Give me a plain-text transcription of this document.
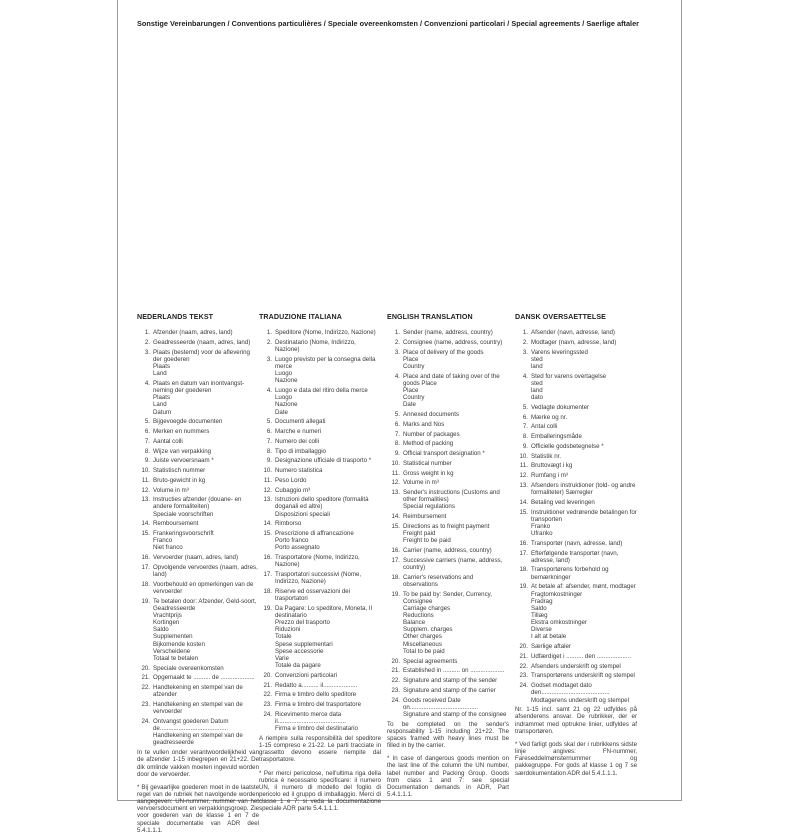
Sonstige Vereinbarungen / Conventions particulières / Speciale overeenkomsten / Convenzioni particolari / Special agreements / Saerlige aftaler
NEDERLANDS TEKST
1. Afzender (naam, adres, land)
2. Geadresseerde (naam, adres, land)
3. Plaats (bestemd) voor de aflevering der goederen
Plaats
Land
4. Plaats en datum van inontvangst-neming der goederen
Plaats
Land
Datum
5. Bijgevoegde documenten
6. Merken en nummers
7. Aantal colli
8. Wijze van verpakking
9. Juiste vervoersnaam *
10. Statistisch nummer
11. Bruto-gewicht in kg
12. Volume in m³
13. Instructies afzender (douane- en andere formaliteiten)
Speciale voorschriften
14. Remboursement
15. Frankeringsvoorschrift
Franco
Niet franco
16. Vervoerder (naam, adres, land)
17. Opvolgende vervoerdes (naam, adres, land)
18. Voorbehould en opmerkingen van de vervoerder
19. Te betalen door: Afzender, Geld-soort, Geadresseerde
Vrachtprijs
Kortingen
Saldo
Supplementen
Bijkomende kosten
Verscheidene
Totaal te betalen
20. Speciale overeenkomsten
21. Opgemaakt te .......... de ....................
22. Handtekening en stempel van de afzender
23. Handtekening en stempel van de vervoerder
24. Ontvangst goederen Datum de........................................
Handtekening en stempel van de geadresseerde
In te vullen onder verantwoordelijkheid van de afzender 1-15 inbegrepen en 21+22. De dik omlinde vakken moeten ingevuld worden door de vervoerder.
* Bij gevaarlijke goederen moet in de laatste regel van de rubriek het navolgende worden aangegeven: UN-nummer, nummer van het vervoersdocument en verpakkingsgroep. Zie voor goederen van de klasse 1 en 7 de speciale documentatie van ADR deel 5.4.1.1.1.
TRADUZIONE ITALIANA
1. Speditore (Nome, Indirizzo, Nazione)
2. Destinatario (Nome, Indirizzo, Nazione)
3. Luogo previsto per la consegna della merce
Luogo
Nazione
4. Luogo e data del ritiro della merce
Luogo
Nazione
Date
5. Documenti allegati
6. Marche e numeri
7. Numero dei colli
8. Tipo di imballaggio
9. Designazione ufficiale di trasporto *
10. Numero statistica
11. Peso Lordo
12. Cubaggio m³
13. Istruzioni dello speditore (formalità doganali ed altre)
Disposizioni speciali
14. Rimborso
15. Prescrizione di affrancazione
Porto franco
Porto assegnato
16. Trasportatore (Nome, Indirizzo, Nazione)
17. Trasportatori successivi (Nome, Indirizzo, Nazione)
18. Riserve ed osservazioni dei trasportatori
19. Da Pagare: Lo speditore, Moneta, Il destinatario
Prezzo del trasporto
Riduzioni
Totale
Spese supplementari
Spese accessorie
Varie
Totale da pagare
20. Convenzioni particolari
21. Redatto a.......... il....................
22. Firma e timbro dello speditore
23. Firma e timbro del trasportatore
24. Ricevimento merce data il........................................
Firma e timbro del destinatario
A riempire sulla responsibilità del speditore 1-15 compreso e 21-22. Le parti tracciate in grassetto devono essere riempite dal trasportatore.
* Per merci pericolose, nell'ultima riga della rubrica è necessario specificare: il numero UN, il numero di modello del foglio di pericolo ed il gruppo di imballaggio. Merci di classe 1 e 7: si veda la documentazione speciale ADR parte 5.4.1.1.1.
ENGLISH TRANSLATION
1. Sender (name, address, country)
2. Consignee (name, address, country)
3. Place of delivery of the goods
Place
Country
4. Place and date of taking over of the goods Place
Place
Country
Date
5. Annexed documents
6. Marks and Nos
7. Number of packages
8. Method of packing
9. Official transport designation *
10. Statistical number
11. Gross weight in kg
12. Volume in m³
13. Sender's instructions (Customs and other formalities)
Special regulations
14. Reimbursement
15. Directions as to freight payment
Freight paid
Freight to be paid
16. Carrier (name, address, country)
17. Successive carriers (name, address, country)
18. Carrier's reservations and observations
19. To be paid by: Sender, Currency, Consignee
Carriage charges
Reductions
Balance
Supplem. charges
Other charges
Miscellaneous
Total to be paid
20. Special agreements
21. Established in .......... on ....................
22. Signature and stamp of the sender
23. Signature and stamp of the carrier
24. Goods received Date on........................................
Signature and stamp of the consignee
To be completed on the sender's responsability 1-15 including 21+22. The spaces framed with heavy lines must be filled in by the carrier.
* In case of dangerous goods mention on the last line of the column the UN number, label number and Packing Group. Goods from class 1 and 7: see special Documentation demands in ADR, Part 5.4.1.1.1.
DANSK OVERSAETTELSE
1. Afsender (navn, adresse, land)
2. Modtager (navn, adresse, land)
3. Varens leveringssted
sted
land
4. Sted for varens overtagelse
sted
land
dato
5. Vedlagte dokumenter
6. Mærke og nr.
7. Antal colli
8. Emballeringsmåde
9. Officielle godsbetegnelse *
10. Statistik nr.
11. Bruttovægt i kg
12. Rumfang i m³
13. Afsenders instruktioner (told- og andre formaliteter) Særregler
14. Betaling ved leveringen
15. Instruktioner vedrørende betalingen for transporten
Franko
Ufranko
16. Transportør (navn, adresse, land)
17. Efterfølgende transportør (navn, adresse, land)
18. Transportørens forbehold og bemærkninger
19. At betale af: afsender, mønt, modtager
Fragtomkostninger
Fradrag
Saldo
Tillæg
Ekstra omkostninger
Diverse
I alt at betale
20. Særlige aftaler
21. Udfærdiget i .......... den ....................
22. Afsenders underskrift og stempel
23. Transportørens underskrift og stempel
24. Godset modtaget dato den........................................
Modtagerens underskrift og stempel
Nr. 1-15 incl. samt 21 og 22 udfyldes på afsenderens ansvar. De rubrikker, der er indrammet med optrukne linier, udfyldes af transportøren.
* Ved farligt gods skal der i rubrikkens sidste linje angives: FN-nummer, Fareseddelmønsternummer og pakkegruppe. For gods af klasse 1 og 7 se særdokumentation ADR del 5.4.1.1.1.
